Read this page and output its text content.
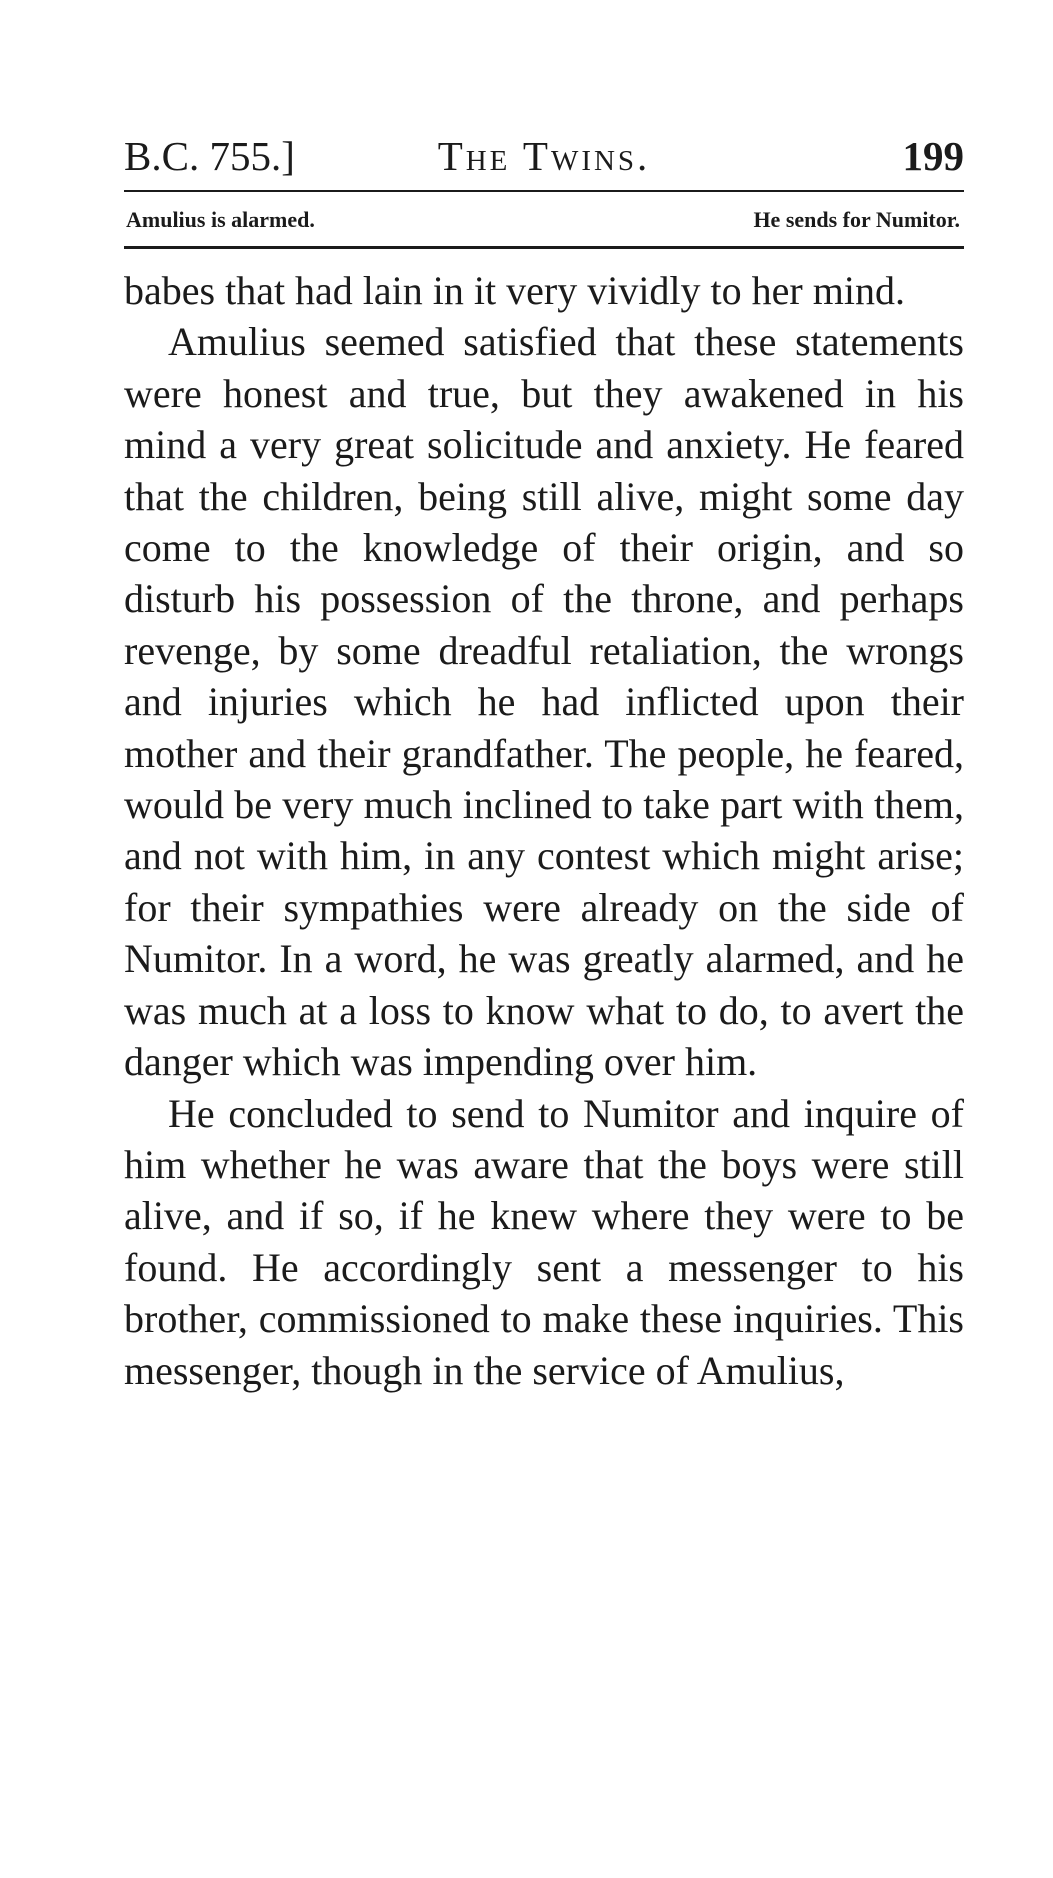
B.C. 755.]	The Twins.	199
Amulius is alarmed.	He sends for Numitor.

babes that had lain in it very vividly to her mind.

Amulius seemed satisfied that these statements were honest and true, but they awakened in his mind a very great solicitude and anxiety. He feared that the children, being still alive, might some day come to the knowledge of their origin, and so disturb his possession of the throne, and perhaps revenge, by some dreadful retaliation, the wrongs and injuries which he had inflicted upon their mother and their grandfather. The people, he feared, would be very much inclined to take part with them, and not with him, in any contest which might arise; for their sympathies were already on the side of Numitor. In a word, he was greatly alarmed, and he was much at a loss to know what to do, to avert the danger which was impending over him.

He concluded to send to Numitor and inquire of him whether he was aware that the boys were still alive, and if so, if he knew where they were to be found. He accordingly sent a messenger to his brother, commissioned to make these inquiries. This messenger, though in the service of Amulius,
